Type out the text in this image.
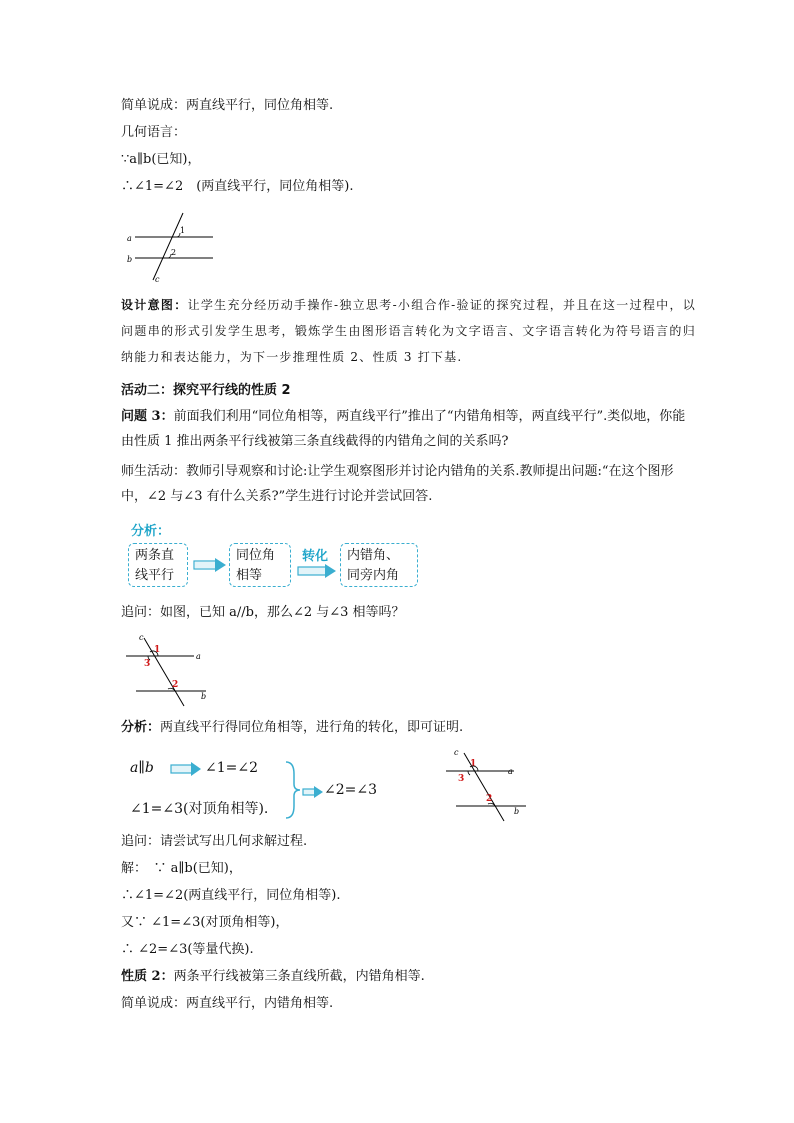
简单说成：两直线平行，同位角相等.
几何语言：
∵a∥b(已知)，
∴∠1=∠2　(两直线平行，同位角相等).
a
b
c
1
2
设计意图：让学生充分经历动手操作-独立思考-小组合作-验证的探究过程，并且在这一过程中，以问题串的形式引发学生思考，锻炼学生由图形语言转化为文字语言、文字语言转化为符号语言的归纳能力和表达能力，为下一步推理性质 2、性质 3 打下基.
活动二：探究平行线的性质 2
问题 3：前面我们利用“同位角相等，两直线平行”推出了“内错角相等，两直线平行”.类似地，你能由性质 1 推出两条平行线被第三条直线截得的内错角之间的关系吗?
师生活动：教师引导观察和讨论:让学生观察图形并讨论内错角的关系.教师提出问题:“在这个图形中，∠2 与∠3 有什么关系?”学生进行讨论并尝试回答.
分析：
两条直
线平行
同位角
相等
转化 内错角、
同旁内角
追问：如图，已知 a//b，那么∠2 与∠3 相等吗？
c
a
b
1
3
2
分析：两直线平行得同位角相等，进行角的转化，即可证明.
a∥b	∠1=∠2
∠1=∠3(对顶角相等).
∠2=∠3
c
a
b
1
3
2
追问：请尝试写出几何求解过程.
解：　∵ a∥b(已知)，
∴∠1=∠2(两直线平行，同位角相等).
又∵ ∠1=∠3(对顶角相等)，
∴ ∠2=∠3(等量代换).
性质 2：两条平行线被第三条直线所截，内错角相等.
简单说成：两直线平行，内错角相等.
